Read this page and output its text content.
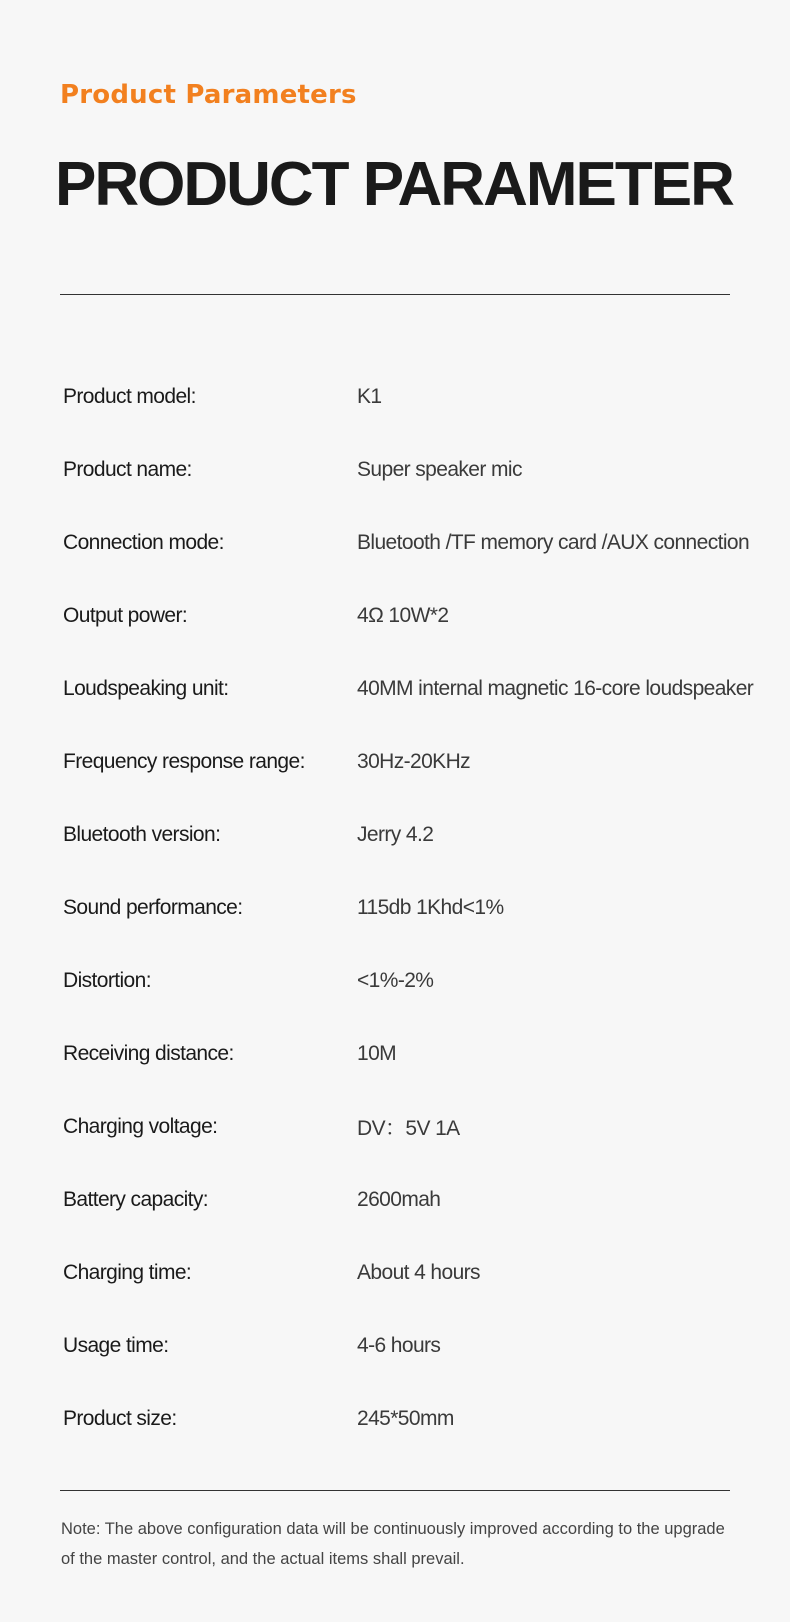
Product Parameters
PRODUCT PARAMETER
Product model:	K1
Product name:	Super speaker mic
Connection mode:	Bluetooth /TF memory card /AUX connection
Output power:	4Ω 10W*2
Loudspeaking unit:	40MM internal magnetic 16-core loudspeaker
Frequency response range:	30Hz-20KHz
Bluetooth version:	Jerry 4.2
Sound performance:	115db 1Khd<1%
Distortion:	<1%-2%
Receiving distance:	10M
Charging voltage:	DV：5V 1A
Battery capacity:	2600mah
Charging time:	About 4 hours
Usage time:	4-6 hours
Product size:	245*50mm

Note: The above configuration data will be continuously improved according to the upgrade of the master control, and the actual items shall prevail.
